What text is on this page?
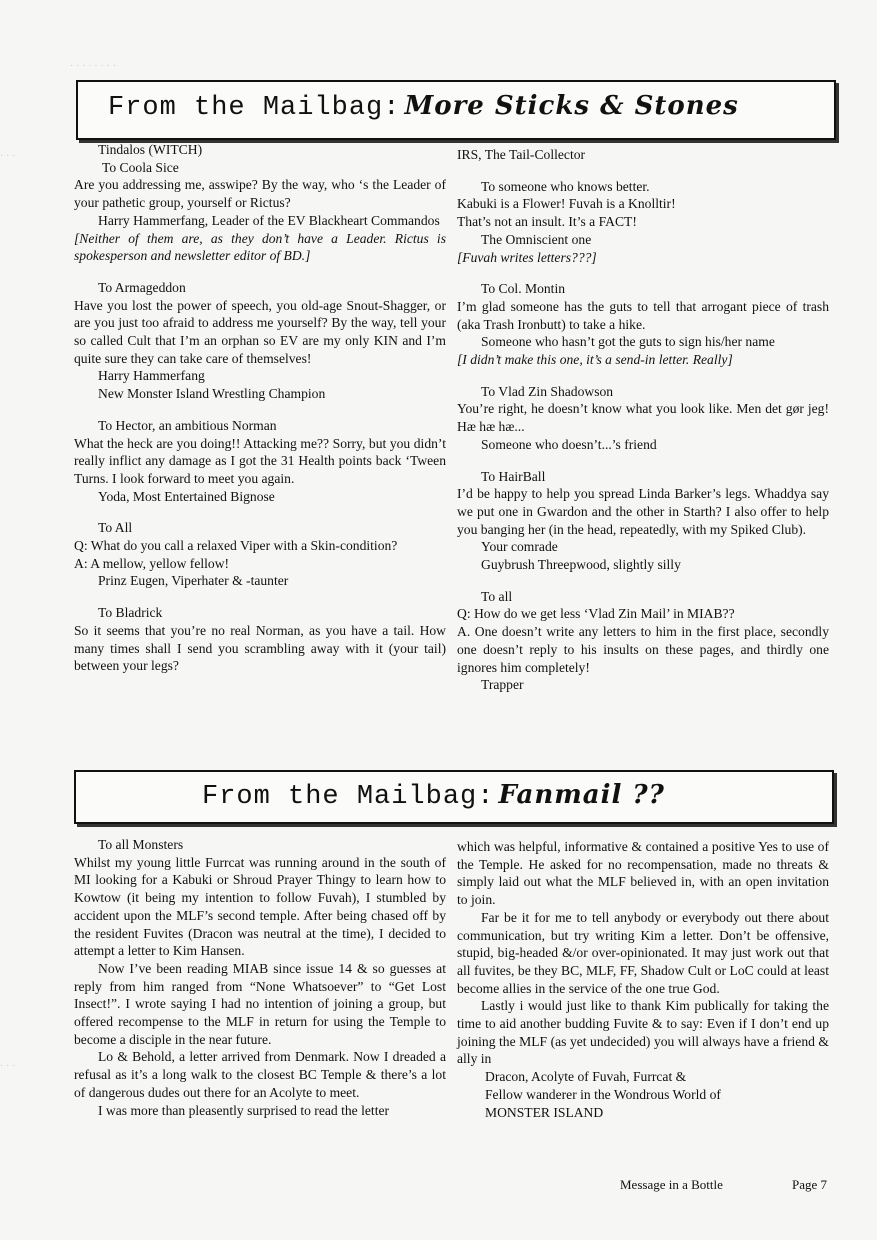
· · · · · · · ·
· · ·
· · ·
From the Mailbag: More Sticks & Stones

Tindalos (WITCH)

To Coola Sice

Are you addressing me, asswipe? By the way, who ‘s the Leader of your pathetic group, yourself or Rictus?

Harry Hammerfang, Leader of the EV Blackheart Commandos

[Neither of them are, as they don’t have a Leader. Rictus is spokesperson and newsletter editor of BD.]

To Armageddon

Have you lost the power of speech, you old-age Snout-Shagger, or are you just too afraid to address me yourself? By the way, tell your so called Cult that I’m an orphan so EV are my only KIN and I’m quite sure they can take care of themselves!

Harry Hammerfang

New Monster Island Wrestling Champion

To Hector, an ambitious Norman

What the heck are you doing!! Attacking me?? Sorry, but you didn’t really inflict any damage as I got the 31 Health points back ‘Tween Turns. I look forward to meet you again.

Yoda, Most Entertained Bignose

To All

Q: What do you call a relaxed Viper with a Skin-condition?

A: A mellow, yellow fellow!

Prinz Eugen, Viperhater & -taunter

To Bladrick

So it seems that you’re no real Norman, as you have a tail. How many times shall I send you scrambling away with it (your tail) between your legs?

IRS, The Tail-Collector

To someone who knows better.

Kabuki is a Flower! Fuvah is a Knolltir!

That’s not an insult. It’s a FACT!

The Omniscient one

[Fuvah writes letters???]

To Col. Montin

I’m glad someone has the guts to tell that arrogant piece of trash (aka Trash Ironbutt) to take a hike.

Someone who hasn’t got the guts to sign his/her name

[I didn’t make this one, it’s a send-in letter. Really]

To Vlad Zin Shadowson

You’re right, he doesn’t know what you look like. Men det gør jeg! Hæ hæ hæ...

Someone who doesn’t...’s friend

To HairBall

I’d be happy to help you spread Linda Barker’s legs. Whaddya say we put one in Gwardon and the other in Starth? I also offer to help you banging her (in the head, repeatedly, with my Spiked Club).

Your comrade

Guybrush Threepwood, slightly silly

To all

Q: How do we get less ‘Vlad Zin Mail’ in MIAB??

A. One doesn’t write any letters to him in the first place, secondly one doesn’t reply to his insults on these pages, and thirdly one ignores him completely!

Trapper

From the Mailbag: Fanmail ??

To all Monsters

Whilst my young little Furrcat was running around in the south of MI looking for a Kabuki or Shroud Prayer Thingy to learn how to Kowtow (it being my intention to follow Fuvah), I stumbled by accident upon the MLF’s second temple. After being chased off by the resident Fuvites (Dracon was neutral at the time), I decided to attempt a letter to Kim Hansen.

Now I’ve been reading MIAB since issue 14 & so guesses at reply from him ranged from “None Whatsoever” to “Get Lost Insect!”. I wrote saying I had no intention of joining a group, but offered recompense to the MLF in return for using the Temple to become a disciple in the near future.

Lo & Behold, a letter arrived from Denmark. Now I dreaded a refusal as it’s a long walk to the closest BC Temple & there’s a lot of dangerous dudes out there for an Acolyte to meet.

I was more than pleasently surprised to read the letter

which was helpful, informative & contained a positive Yes to use of the Temple. He asked for no recompensation, made no threats & simply laid out what the MLF believed in, with an open invitation to join.

Far be it for me to tell anybody or everybody out there about communication, but try writing Kim a letter. Don’t be offensive, stupid, big-headed &/or over-opinionated. It may just work out that all fuvites, be they BC, MLF, FF, Shadow Cult or LoC could at least become allies in the service of the one true God.

Lastly i would just like to thank Kim publically for taking the time to aid another budding Fuvite & to say: Even if I don’t end up joining the MLF (as yet undecided) you will always have a friend & ally in

Dracon, Acolyte of Fuvah, Furrcat &

Fellow wanderer in the Wondrous World of

MONSTER ISLAND

Message in a Bottle	Page 7
